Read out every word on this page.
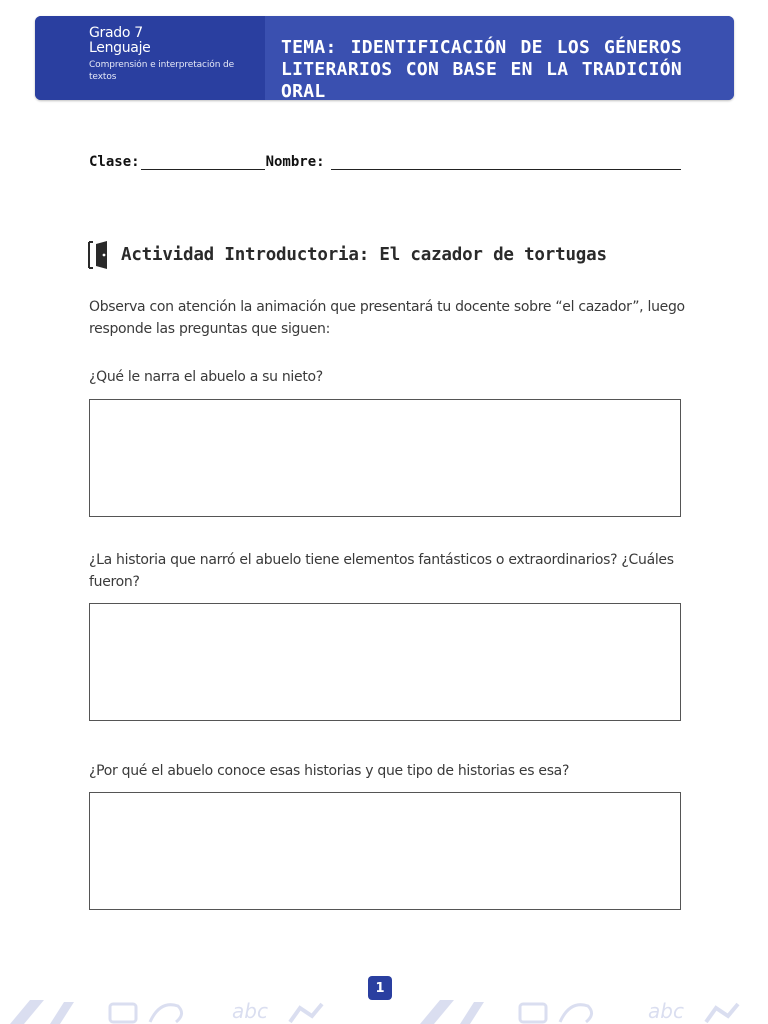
Grado 7
Lenguaje
Comprensión e interpretación de textos
TEMA: IDENTIFICACIÓN DE LOS GÉNEROS LITERARIOS CON BASE EN LA TRADICIÓN ORAL
Clase:	Nombre:
Actividad Introductoria: El cazador de tortugas

Observa con atención la animación que presentará tu docente sobre “el cazador”, luego responde las preguntas que siguen:

¿Qué le narra el abuelo a su nieto?

¿La historia que narró el abuelo tiene elementos fantásticos o extraordinarios? ¿Cuáles fueron?

¿Por qué el abuelo conoce esas historias y que tipo de historias es esa?

1
abc	abc
